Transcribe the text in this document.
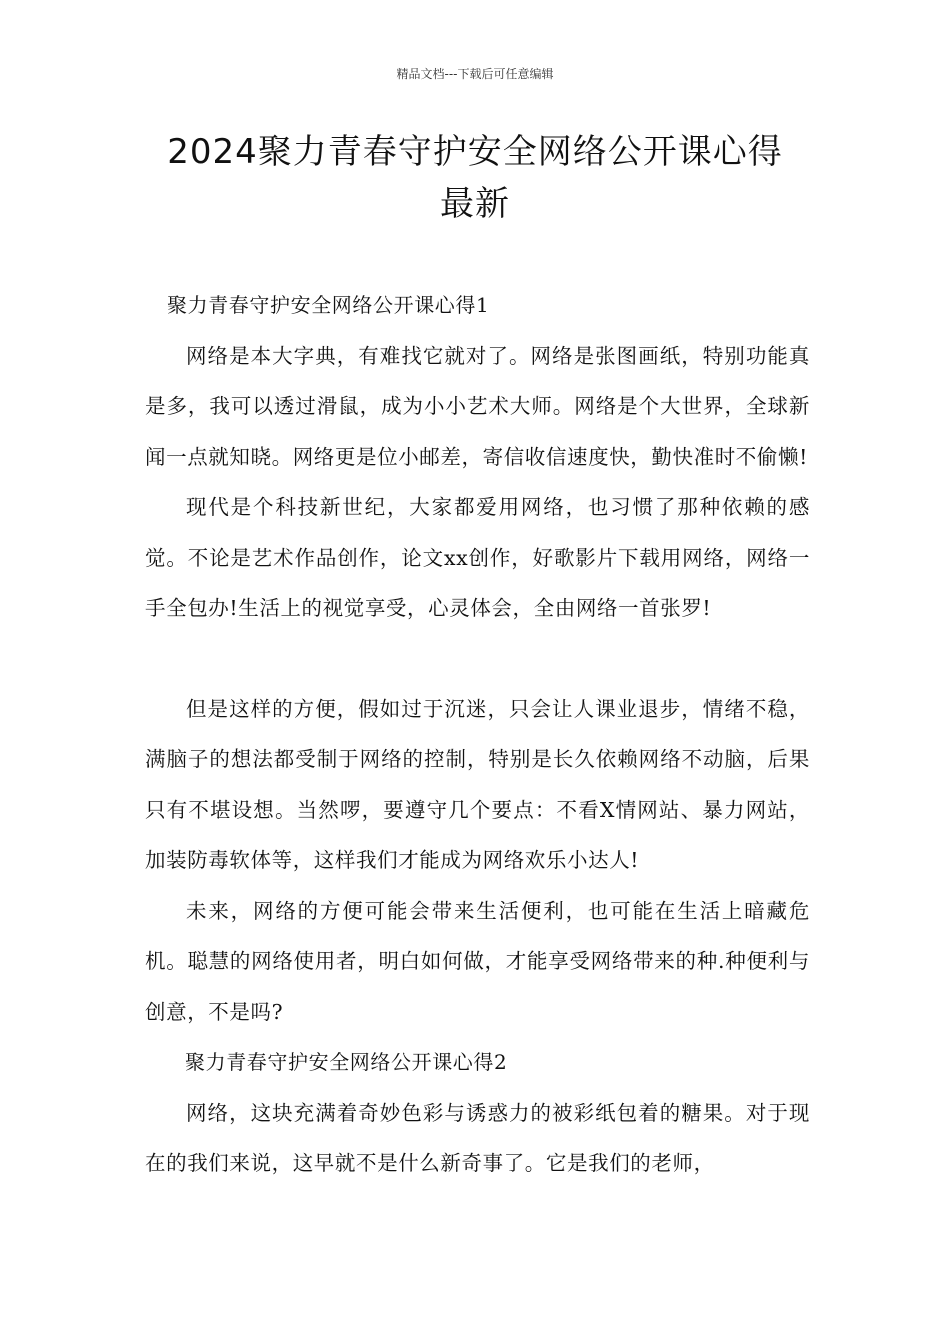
精品文档---下载后可任意编辑
2024聚力青春守护安全网络公开课心得
最新

聚力青春守护安全网络公开课心得1

网络是本大字典，有难找它就对了。网络是张图画纸，特别功能真是多，我可以透过滑鼠，成为小小艺术大师。网络是个大世界，全球新闻一点就知晓。网络更是位小邮差，寄信收信速度快，勤快准时不偷懒!

现代是个科技新世纪，大家都爱用网络，也习惯了那种依赖的感觉。不论是艺术作品创作，论文xx创作，好歌影片下载用网络，网络一手全包办!生活上的视觉享受，心灵体会，全由网络一首张罗!

但是这样的方便，假如过于沉迷，只会让人课业退步，情绪不稳，满脑子的想法都受制于网络的控制，特别是长久依赖网络不动脑，后果只有不堪设想。当然啰，要遵守几个要点：不看X情网站、暴力网站，加装防毒软体等，这样我们才能成为网络欢乐小达人!

未来，网络的方便可能会带来生活便利，也可能在生活上暗藏危机。聪慧的网络使用者，明白如何做，才能享受网络带来的种.种便利与创意，不是吗?

聚力青春守护安全网络公开课心得2

网络，这块充满着奇妙色彩与诱惑力的被彩纸包着的糖果。对于现在的我们来说，这早就不是什么新奇事了。它是我们的老师，
